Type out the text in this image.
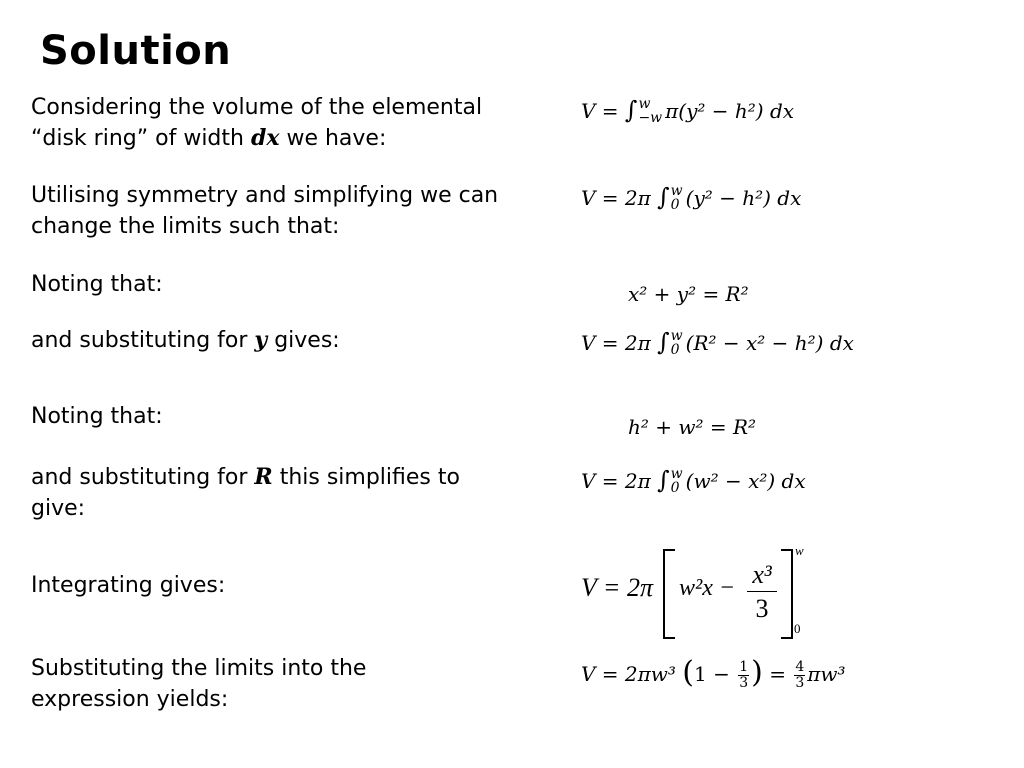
Solution
Considering the volume of the elemental
“disk ring” of width dx we have:
V = ∫ w
−w π(y² − h²) dx
Utilising symmetry and simplifying we can
change the limits such that:
V = 2π ∫ w
0 (y² − h²) dx
Noting that:	x² + y² = R²
and substituting for y gives:	V = 2π ∫ w
0 (R² − x² − h²) dx
Noting that:	h² + w² = R²
and substituting for R this simplifies to
give:
V = 2π ∫ w
0 (w² − x²) dx
Integrating gives:	V = 2π $w^2x - \frac{\text{x³}}{3}$
w
0
Substituting the limits into the
expression yields:
V = 2πw³ ($1 - \frac{1}{3}$ ) = $\frac{4}{3} \pi w^3$
